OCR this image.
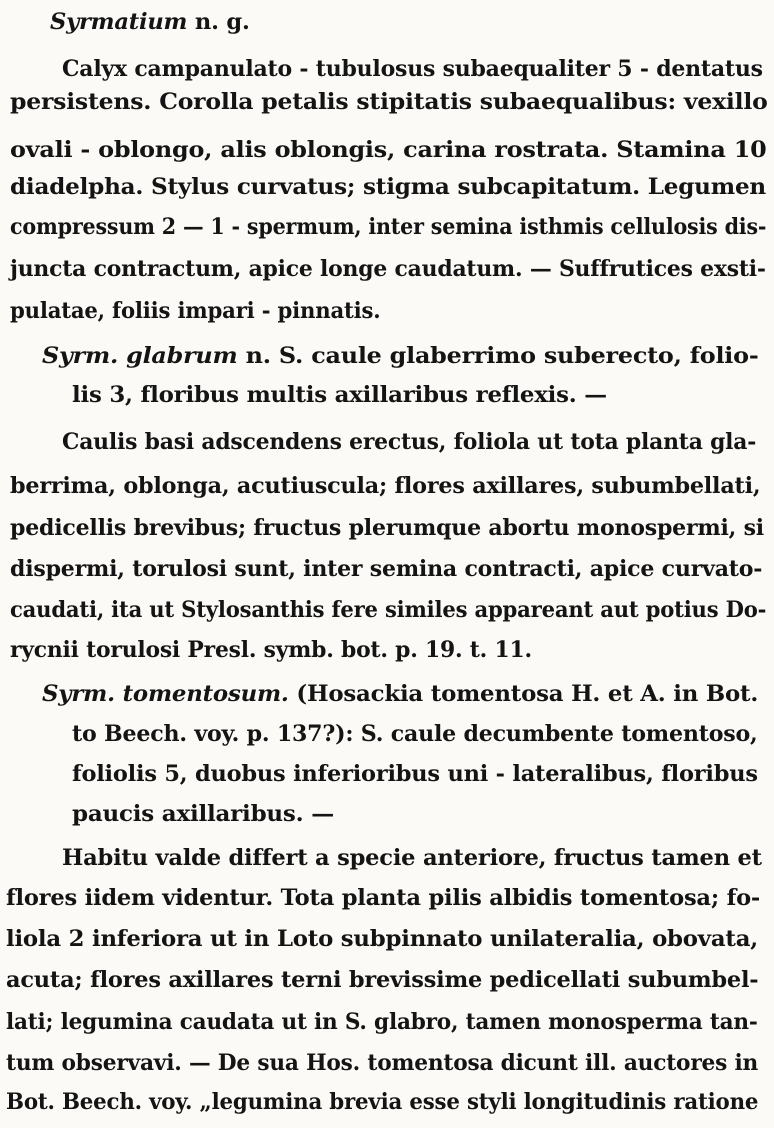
Syrmatium n. g.

Calyx campanulato - tubulosus subaequaliter 5 - dentatus

persistens. Corolla petalis stipitatis subaequalibus: vexillo

ovali - oblongo, alis oblongis, carina rostrata. Stamina 10

diadelpha. Stylus curvatus; stigma subcapitatum. Legumen

compressum 2 — 1 - spermum, inter semina isthmis cellulosis dis-

juncta contractum, apice longe caudatum. — Suffrutices exsti-

pulatae, foliis impari - pinnatis.

Syrm. glabrum n. S. caule glaberrimo suberecto, folio-

lis 3, floribus multis axillaribus reflexis. —

Caulis basi adscendens erectus, foliola ut tota planta gla-

berrima, oblonga, acutiuscula; flores axillares, subumbellati,

pedicellis brevibus; fructus plerumque abortu monospermi, si

dispermi, torulosi sunt, inter semina contracti, apice curvato-

caudati, ita ut Stylosanthis fere similes appareant aut potius Do-

rycnii torulosi Presl. symb. bot. p. 19. t. 11.

Syrm. tomentosum. (Hosackia tomentosa H. et A. in Bot.

to Beech. voy. p. 137?): S. caule decumbente tomentoso,

foliolis 5, duobus inferioribus uni - lateralibus, floribus

paucis axillaribus. —

Habitu valde differt a specie anteriore, fructus tamen et

flores iidem videntur. Tota planta pilis albidis tomentosa; fo-

liola 2 inferiora ut in Loto subpinnato unilateralia, obovata,

acuta; flores axillares terni brevissime pedicellati subumbel-

lati; legumina caudata ut in S. glabro, tamen monosperma tan-

tum observavi. — De sua Hos. tomentosa dicunt ill. auctores in

Bot. Beech. voy. „legumina brevia esse styli longitudinis ratione
